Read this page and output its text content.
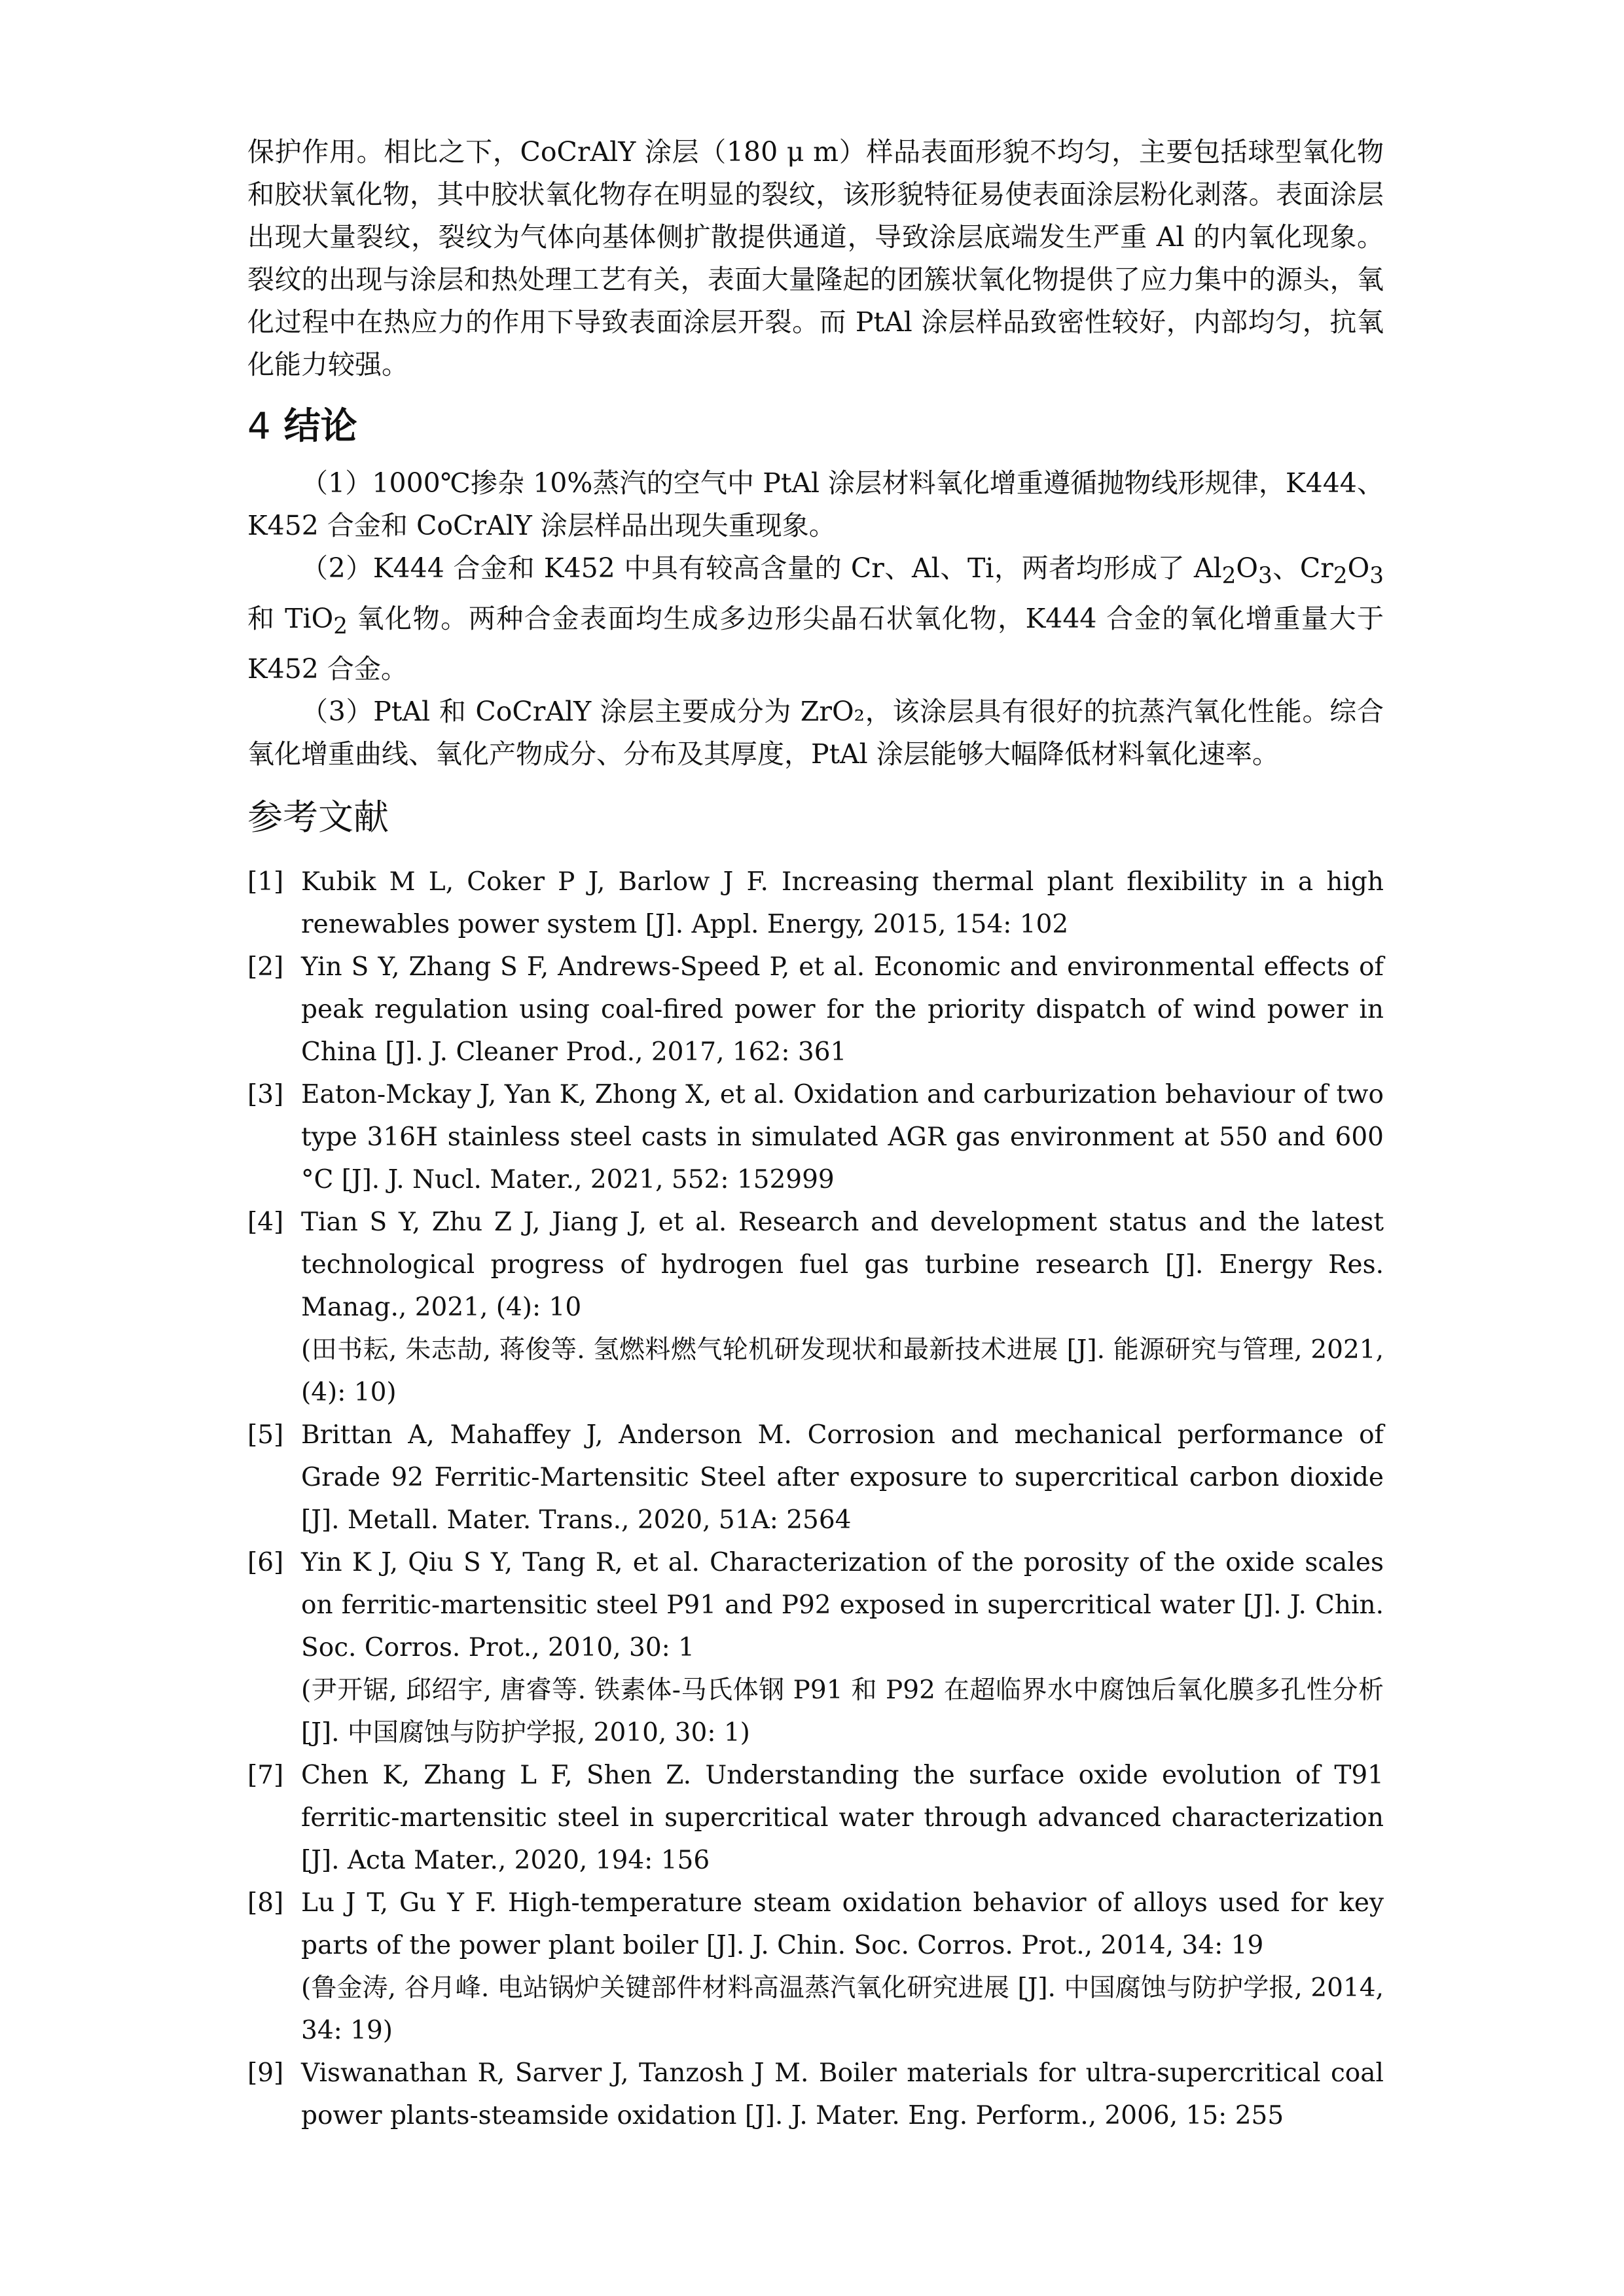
保护作用。相比之下，CoCrAlY 涂层（180 μ m）样品表面形貌不均匀，主要包括球型氧化物和胶状氧化物，其中胶状氧化物存在明显的裂纹，该形貌特征易使表面涂层粉化剥落。表面涂层出现大量裂纹，裂纹为气体向基体侧扩散提供通道，导致涂层底端发生严重 Al 的内氧化现象。裂纹的出现与涂层和热处理工艺有关，表面大量隆起的团簇状氧化物提供了应力集中的源头，氧化过程中在热应力的作用下导致表面涂层开裂。而 PtAl 涂层样品致密性较好，内部均匀，抗氧化能力较强。

4 结论

（1）1000℃掺杂 10%蒸汽的空气中 PtAl 涂层材料氧化增重遵循抛物线形规律，K444、K452 合金和 CoCrAlY 涂层样品出现失重现象。

（2）K444 合金和 K452 中具有较高含量的 Cr、Al、Ti，两者均形成了 $Al_2O_3$、$Cr_2O_3$ 和 TiO$_2$ 氧化物。两种合金表面均生成多边形尖晶石状氧化物，K444 合金的氧化增重量大于 K452 合金。

（3）PtAl 和 CoCrAlY 涂层主要成分为 ZrO₂，该涂层具有很好的抗蒸汽氧化性能。综合氧化增重曲线、氧化产物成分、分布及其厚度，PtAl 涂层能够大幅降低材料氧化速率。

参考文献
[1] Kubik M L, Coker P J, Barlow J F. Increasing thermal plant flexibility in a high renewables power system [J]. Appl. Energy, 2015, 154: 102

[2] Yin S Y, Zhang S F, Andrews-Speed P, et al. Economic and environmental effects of peak regulation using coal-fired power for the priority dispatch of wind power in China [J]. J. Cleaner Prod., 2017, 162: 361

[3] Eaton-Mckay J, Yan K, Zhong X, et al. Oxidation and carburization behaviour of two type 316H stainless steel casts in simulated AGR gas environment at 550 and 600 °C [J]. J. Nucl. Mater., 2021, 552: 152999

[4] Tian S Y, Zhu Z J, Jiang J, et al. Research and development status and the latest technological progress of hydrogen fuel gas turbine research [J]. Energy Res. Manag., 2021, (4): 10

(田书耘, 朱志劼, 蒋俊等. 氢燃料燃气轮机研发现状和最新技术进展 [J]. 能源研究与管理, 2021, (4): 10)

[5] Brittan A, Mahaffey J, Anderson M. Corrosion and mechanical performance of Grade 92 Ferritic-Martensitic Steel after exposure to supercritical carbon dioxide [J]. Metall. Mater. Trans., 2020, 51A: 2564

[6] Yin K J, Qiu S Y, Tang R, et al. Characterization of the porosity of the oxide scales on ferritic-martensitic steel P91 and P92 exposed in supercritical water [J]. J. Chin. Soc. Corros. Prot., 2010, 30: 1

(尹开锯, 邱绍宇, 唐睿等. 铁素体-马氏体钢 P91 和 P92 在超临界水中腐蚀后氧化膜多孔性分析 [J]. 中国腐蚀与防护学报, 2010, 30: 1)

[7] Chen K, Zhang L F, Shen Z. Understanding the surface oxide evolution of T91 ferritic-martensitic steel in supercritical water through advanced characterization [J]. Acta Mater., 2020, 194: 156

[8] Lu J T, Gu Y F. High-temperature steam oxidation behavior of alloys used for key parts of the power plant boiler [J]. J. Chin. Soc. Corros. Prot., 2014, 34: 19

(鲁金涛, 谷月峰. 电站锅炉关键部件材料高温蒸汽氧化研究进展 [J]. 中国腐蚀与防护学报, 2014, 34: 19)

[9] Viswanathan R, Sarver J, Tanzosh J M. Boiler materials for ultra-supercritical coal power plants-steamside oxidation [J]. J. Mater. Eng. Perform., 2006, 15: 255
